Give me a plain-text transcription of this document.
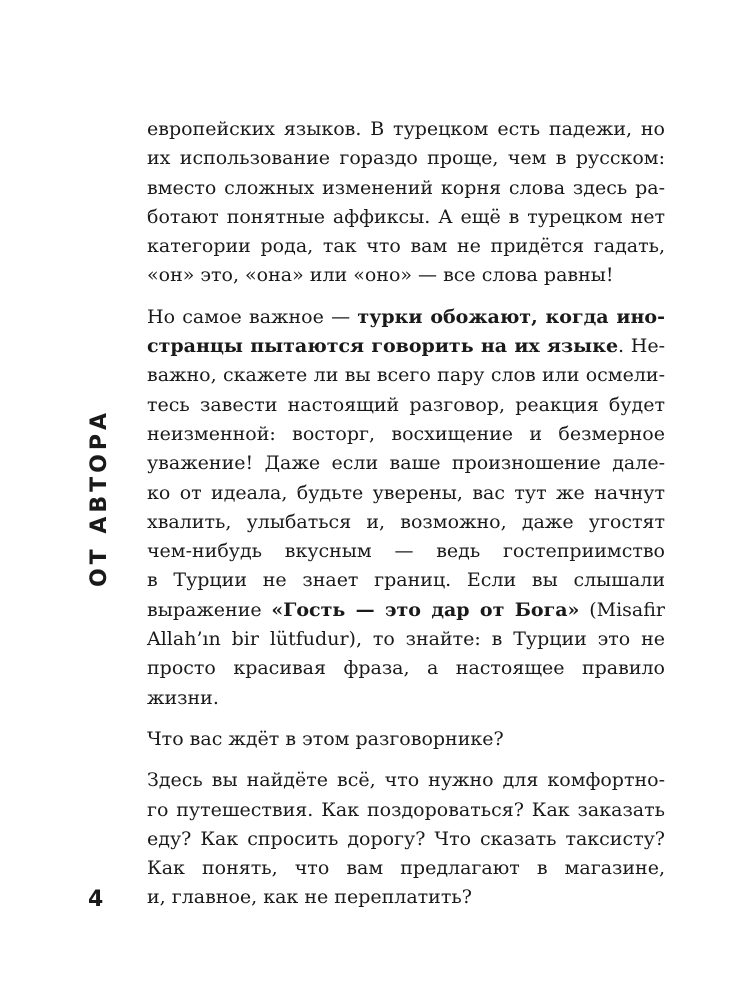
ОТ АВТОРА

европейских языков. В турецком есть падежи, но
их использование гораздо проще, чем в русском:
вместо сложных изменений корня слова здесь ра-
ботают понятные аффиксы. А ещё в турецком нет
категории рода, так что вам не придётся гадать,
«он» это, «она» или «оно» — все слова равны!

Но самое важное — турки обожают, когда ино-
странцы пытаются говорить на их языке. Не-
важно, скажете ли вы всего пару слов или осмели-
тесь завести настоящий разговор, реакция будет
неизменной: восторг, восхищение и безмерное
уважение! Даже если ваше произношение дале-
ко от идеала, будьте уверены, вас тут же начнут
хвалить, улыбаться и, возможно, даже угостят
чем-нибудь вкусным — ведь гостеприимство
в Турции не знает границ. Если вы слышали
выражение «Гость — это дар от Бога» (Misafir
Allah’ın bir lütfudur), то знайте: в Турции это не
просто красивая фраза, а настоящее правило
жизни.

Что вас ждёт в этом разговорнике?

Здесь вы найдёте всё, что нужно для комфортно-
го путешествия. Как поздороваться? Как заказать
еду? Как спросить дорогу? Что сказать таксисту?
Как понять, что вам предлагают в магазине,
и, главное, как не переплатить?

4
